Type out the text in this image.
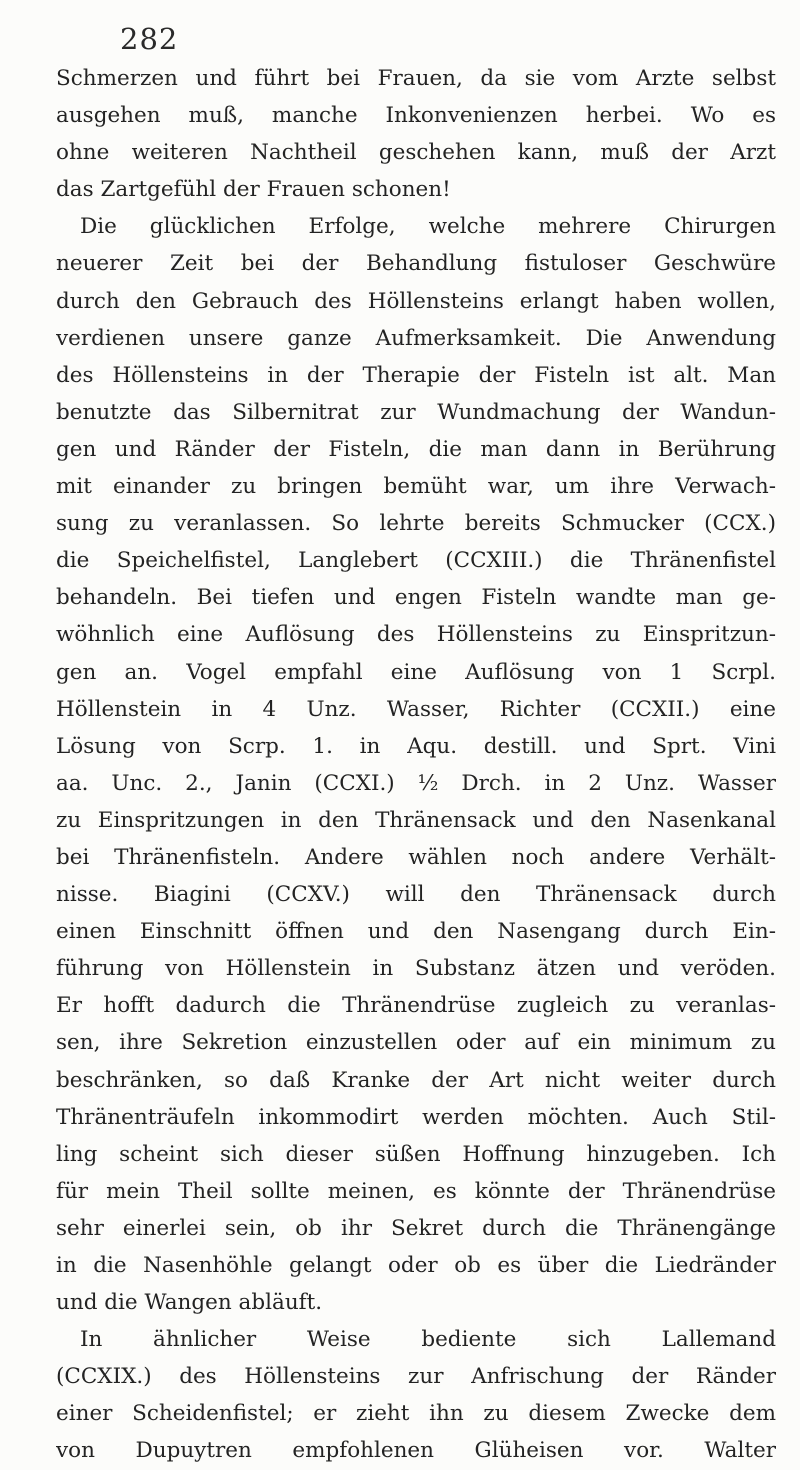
282
Schmerzen und führt bei Frauen, da sie vom Arzte selbst
ausgehen muß, manche Inkonvenienzen herbei. Wo es
ohne weiteren Nachtheil geschehen kann, muß der Arzt
das Zartgefühl der Frauen schonen!
Die glücklichen Erfolge, welche mehrere Chirurgen
neuerer Zeit bei der Behandlung fistuloser Geschwüre
durch den Gebrauch des Höllensteins erlangt haben wollen,
verdienen unsere ganze Aufmerksamkeit. Die Anwendung
des Höllensteins in der Therapie der Fisteln ist alt. Man
benutzte das Silbernitrat zur Wundmachung der Wandun-
gen und Ränder der Fisteln, die man dann in Berührung
mit einander zu bringen bemüht war, um ihre Verwach-
sung zu veranlassen. So lehrte bereits Schmucker (CCX.)
die Speichelfistel, Langlebert (CCXIII.) die Thränenfistel
behandeln. Bei tiefen und engen Fisteln wandte man ge-
wöhnlich eine Auflösung des Höllensteins zu Einspritzun-
gen an. Vogel empfahl eine Auflösung von 1 Scrpl.
Höllenstein in 4 Unz. Wasser, Richter (CCXII.) eine
Lösung von Scrp. 1. in Aqu. destill. und Sprt. Vini
aa. Unc. 2., Janin (CCXI.) ½ Drch. in 2 Unz. Wasser
zu Einspritzungen in den Thränensack und den Nasenkanal
bei Thränenfisteln. Andere wählen noch andere Verhält-
nisse. Biagini (CCXV.) will den Thränensack durch
einen Einschnitt öffnen und den Nasengang durch Ein-
führung von Höllenstein in Substanz ätzen und veröden.
Er hofft dadurch die Thränendrüse zugleich zu veranlas-
sen, ihre Sekretion einzustellen oder auf ein minimum zu
beschränken, so daß Kranke der Art nicht weiter durch
Thränenträufeln inkommodirt werden möchten. Auch Stil-
ling scheint sich dieser süßen Hoffnung hinzugeben. Ich
für mein Theil sollte meinen, es könnte der Thränendrüse
sehr einerlei sein, ob ihr Sekret durch die Thränengänge
in die Nasenhöhle gelangt oder ob es über die Liedränder
und die Wangen abläuft.
In ähnlicher Weise bediente sich Lallemand
(CCXIX.) des Höllensteins zur Anfrischung der Ränder
einer Scheidenfistel; er zieht ihn zu diesem Zwecke dem
von Dupuytren empfohlenen Glüheisen vor. Walter
